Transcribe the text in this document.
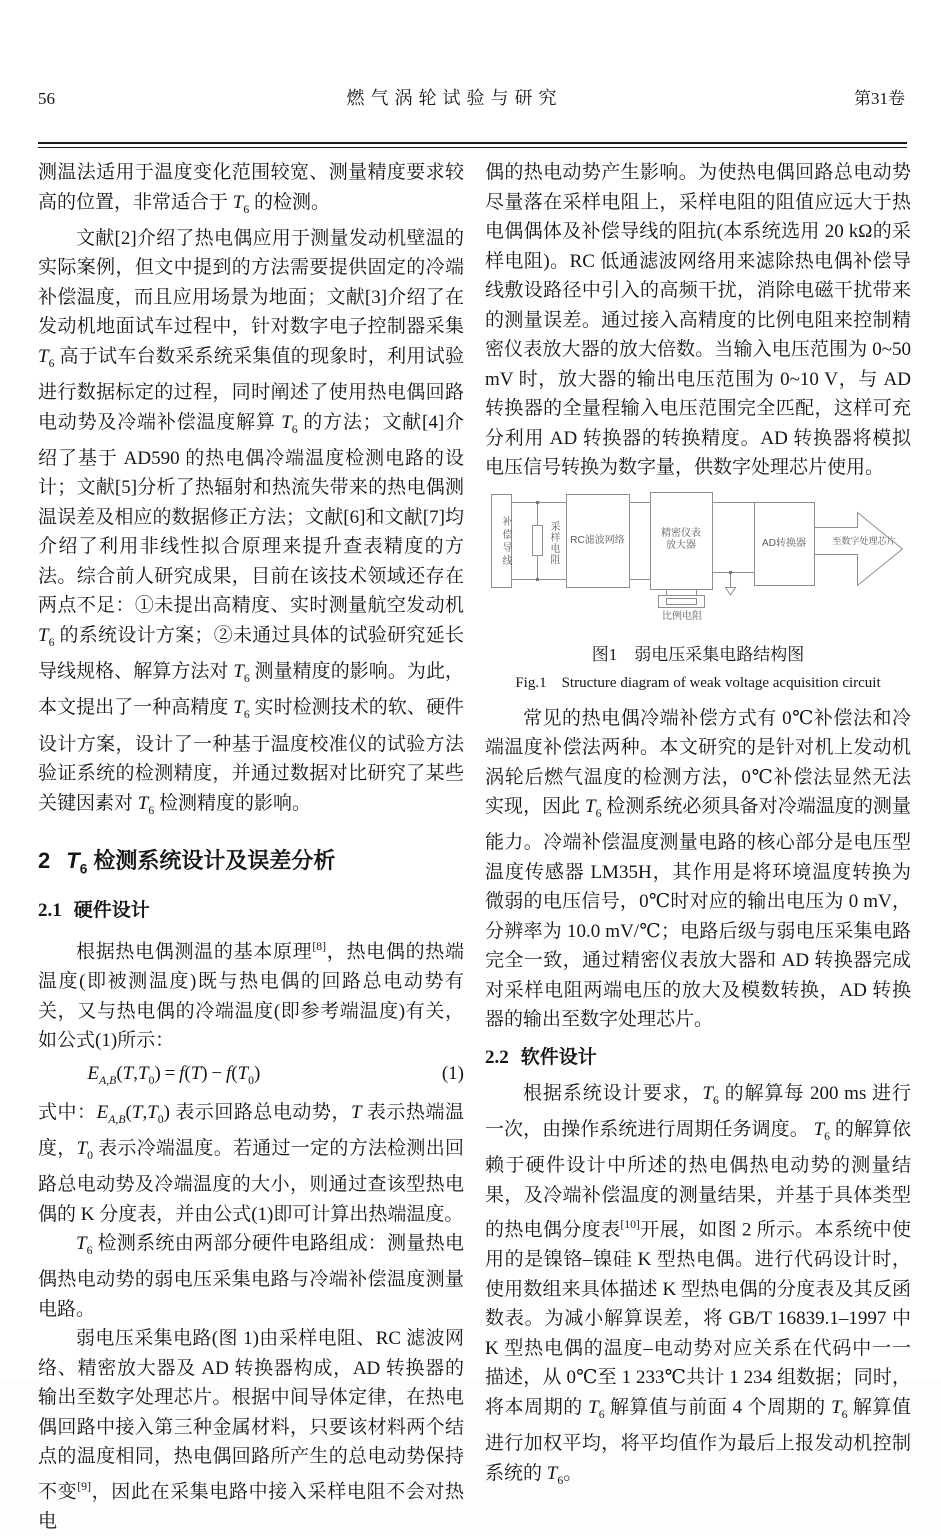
56	燃气涡轮试验与研究	第31卷

测温法适用于温度变化范围较宽、测量精度要求较高的位置，非常适合于 $T_6$ 的检测。

文献[2]介绍了热电偶应用于测量发动机壁温的实际案例，但文中提到的方法需要提供固定的冷端补偿温度，而且应用场景为地面；文献[3]介绍了在发动机地面试车过程中，针对数字电子控制器采集 $T_6$ 高于试车台数采系统采集值的现象时，利用试验进行数据标定的过程，同时阐述了使用热电偶回路电动势及冷端补偿温度解算 $T_6$ 的方法；文献[4]介绍了基于 AD590 的热电偶冷端温度检测电路的设计；文献[5]分析了热辐射和热流失带来的热电偶测温误差及相应的数据修正方法；文献[6]和文献[7]均介绍了利用非线性拟合原理来提升查表精度的方法。综合前人研究成果，目前在该技术领域还存在两点不足：①未提出高精度、实时测量航空发动机 $T_6$ 的系统设计方案；②未通过具体的试验研究延长导线规格、解算方法对 $T_6$ 测量精度的影响。为此，本文提出了一种高精度 $T_6$ 实时检测技术的软、硬件设计方案，设计了一种基于温度校准仪的试验方法验证系统的检测精度，并通过数据对比研究了某些关键因素对 $T_6$ 检测精度的影响。

2 $T_6$ 检测系统设计及误差分析
2.1 硬件设计

根据热电偶测温的基本原理[8]，热电偶的热端温度(即被测温度)既与热电偶的回路总电动势有关，又与热电偶的冷端温度(即参考端温度)有关，如公式(1)所示：

$E_{A,B}(T,T_0) = f(T) - f(T_0)$	(1)

式中：$E_{A,B}(T,T_0)$ 表示回路总电动势，T 表示热端温度，$T_0$ 表示冷端温度。若通过一定的方法检测出回路总电动势及冷端温度的大小，则通过查该型热电偶的 K 分度表，并由公式(1)即可计算出热端温度。

$T_6$ 检测系统由两部分硬件电路组成：测量热电偶热电动势的弱电压采集电路与冷端补偿温度测量电路。

弱电压采集电路(图 1)由采样电阻、RC 滤波网络、精密放大器及 AD 转换器构成，AD 转换器的输出至数字处理芯片。根据中间导体定律，在热电偶回路中接入第三种金属材料，只要该材料两个结点的温度相同，热电偶回路所产生的总电动势保持不变[9]，因此在采集电路中接入采样电阻不会对热电

偶的热电动势产生影响。为使热电偶回路总电动势尽量落在采样电阻上，采样电阻的阻值应远大于热电偶偶体及补偿导线的阻抗(本系统选用 20 kΩ的采样电阻)。RC 低通滤波网络用来滤除热电偶补偿导线敷设路径中引入的高频干扰，消除电磁干扰带来的测量误差。通过接入高精度的比例电阻来控制精密仪表放大器的放大倍数。当输入电压范围为 0~50 mV 时，放大器的输出电压范围为 0~10 V，与 AD 转换器的全量程输入电压范围完全匹配，这样可充分利用 AD 转换器的转换精度。AD 转换器将模拟电压信号转换为数字量，供数字处理芯片使用。

补偿导线	采样电阻	RC滤波网络
精密仪表
放大器
比例电阻
AD转换器	至数字处理芯片
图1　弱电压采集电路结构图
Fig.1　Structure diagram of weak voltage acquisition circuit

常见的热电偶冷端补偿方式有 0℃补偿法和冷端温度补偿法两种。本文研究的是针对机上发动机涡轮后燃气温度的检测方法，0℃补偿法显然无法实现，因此 $T_6$ 检测系统必须具备对冷端温度的测量能力。冷端补偿温度测量电路的核心部分是电压型温度传感器 LM35H，其作用是将环境温度转换为微弱的电压信号，0℃时对应的输出电压为 0 mV，分辨率为 10.0 mV/℃；电路后级与弱电压采集电路完全一致，通过精密仪表放大器和 AD 转换器完成对采样电阻两端电压的放大及模数转换，AD 转换器的输出至数字处理芯片。

2.2 软件设计

根据系统设计要求，$T_6$ 的解算每 200 ms 进行一次，由操作系统进行周期任务调度。 $T_6$ 的解算依赖于硬件设计中所述的热电偶热电动势的测量结果，及冷端补偿温度的测量结果，并基于具体类型的热电偶分度表[10]开展，如图 2 所示。本系统中使用的是镍铬–镍硅 K 型热电偶。进行代码设计时，使用数组来具体描述 K 型热电偶的分度表及其反函数表。为减小解算误差，将 GB/T 16839.1–1997 中 K 型热电偶的温度–电动势对应关系在代码中一一描述，从 0℃至 1 233℃共计 1 234 组数据；同时，将本周期的 $T_6$ 解算值与前面 4 个周期的 $T_6$ 解算值进行加权平均，将平均值作为最后上报发动机控制系统的 $T_6$。
